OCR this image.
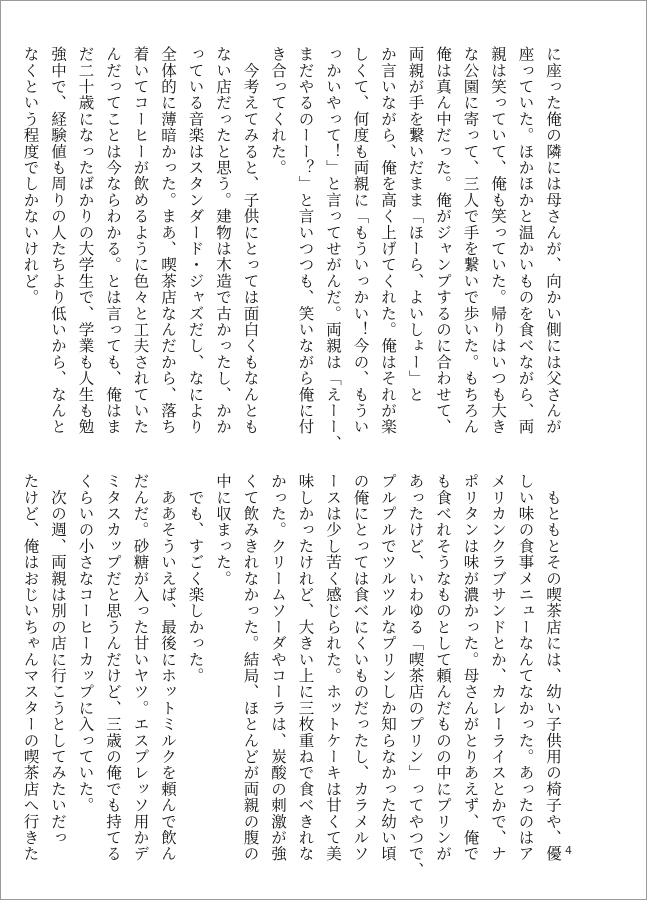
に座った俺の隣には母さんが、向かい側には父さんが
座っていた。ほかほかと温かいものを食べながら、両
親は笑っていて、俺も笑っていた。帰りはいつも大き
な公園に寄って、三人で手を繋いで歩いた。もちろん
俺は真ん中だった。俺がジャンプするのに合わせて、
両親が手を繋いだまま「ほーら、よいしょー」と
か言いながら、俺を高く上げてくれた。俺はそれが楽
しくて、何度も両親に「もういっかい！今の、もうい
っかいやって！」と言ってせがんだ。両親は「えーー、
まだやるのーー？」と言いつつも、笑いながら俺に付
き合ってくれた。
　今考えてみると、子供にとっては面白くもなんとも
ない店だったと思う。建物は木造で古かったし、かか
っている音楽はスタンダード・ジャズだし、なにより
全体的に薄暗かった。まあ、喫茶店なんだから、落ち
着いてコーヒーが飲めるように色々と工夫されていた
んだってことは今ならわかる。とは言っても、俺はま
だ二十歳になったばかりの大学生で、学業も人生も勉
強中で、経験値も周りの人たちより低いから、なんと
なくという程度でしかないけれど。
　もともとその喫茶店には、幼い子供用の椅子や、優
しい味の食事メニューなんてなかった。あったのはア
メリカンクラブサンドとか、カレーライスとかで、ナ
ポリタンは味が濃かった。母さんがとりあえず、俺で
も食べれそうなものとして頼んだものの中にプリンが
あったけど、いわゆる「喫茶店のプリン」ってやつで、
プルプルでツルツルなプリンしか知らなかった幼い頃
の俺にとっては食べにくいものだったし、カラメルソ
ースは少し苦く感じられた。ホットケーキは甘くて美
味しかったけれど、大きい上に三枚重ねで食べきれな
かった。クリームソーダやコーラは、炭酸の刺激が強
くて飲みきれなかった。結局、ほとんどが両親の腹の
中に収まった。
　でも、すごく楽しかった。
　ああそういえば、最後にホットミルクを頼んで飲ん
だんだ。砂糖が入った甘いヤツ。エスプレッソ用かデ
ミタスカップだと思うんだけど、三歳の俺でも持てる
くらいの小さなコーヒーカップに入っていた。
　次の週、両親は別の店に行こうとしてみたいだっ
たけど、俺はおじいちゃんマスターの喫茶店へ行きた	4
